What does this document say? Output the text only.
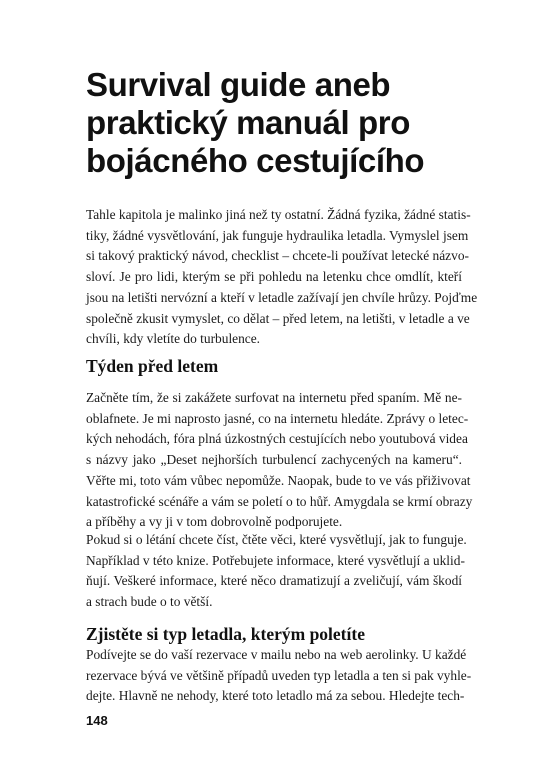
Survival guide aneb
praktický manuál pro
bojácného cestujícího
Tahle kapitola je malinko jiná než ty ostatní. Žádná fyzika, žádné statis-
tiky, žádné vysvětlování, jak funguje hydraulika letadla. Vymyslel jsem
si takový praktický návod, checklist – chcete-li používat letecké názvo-
sloví. Je pro lidi, kterým se při pohledu na letenku chce omdlít, kteří
jsou na letišti nervózní a kteří v letadle zažívají jen chvíle hrůzy. Pojďme
společně zkusit vymyslet, co dělat – před letem, na letišti, v letadle a ve
chvíli, kdy vletíte do turbulence.
Týden před letem
Začněte tím, že si zakážete surfovat na internetu před spaním. Mě ne-
oblafnete. Je mi naprosto jasné, co na internetu hledáte. Zprávy o letec-
kých nehodách, fóra plná úzkostných cestujících nebo youtubová videa
s názvy jako „Deset nejhorších turbulencí zachycených na kameru“.
Věřte mi, toto vám vůbec nepomůže. Naopak, bude to ve vás přiživovat
katastrofické scénáře a vám se poletí o to hůř. Amygdala se krmí obrazy
a příběhy a vy ji v tom dobrovolně podporujete.
Pokud si o létání chcete číst, čtěte věci, které vysvětlují, jak to funguje.
Například v této knize. Potřebujete informace, které vysvětlují a uklid-
ňují. Veškeré informace, které něco dramatizují a zveličují, vám škodí
a strach bude o to větší.
Zjistěte si typ letadla, kterým poletíte
Podívejte se do vaší rezervace v mailu nebo na web aerolinky. U každé
rezervace bývá ve většině případů uveden typ letadla a ten si pak vyhle-
dejte. Hlavně ne nehody, které toto letadlo má za sebou. Hledejte tech-
148
